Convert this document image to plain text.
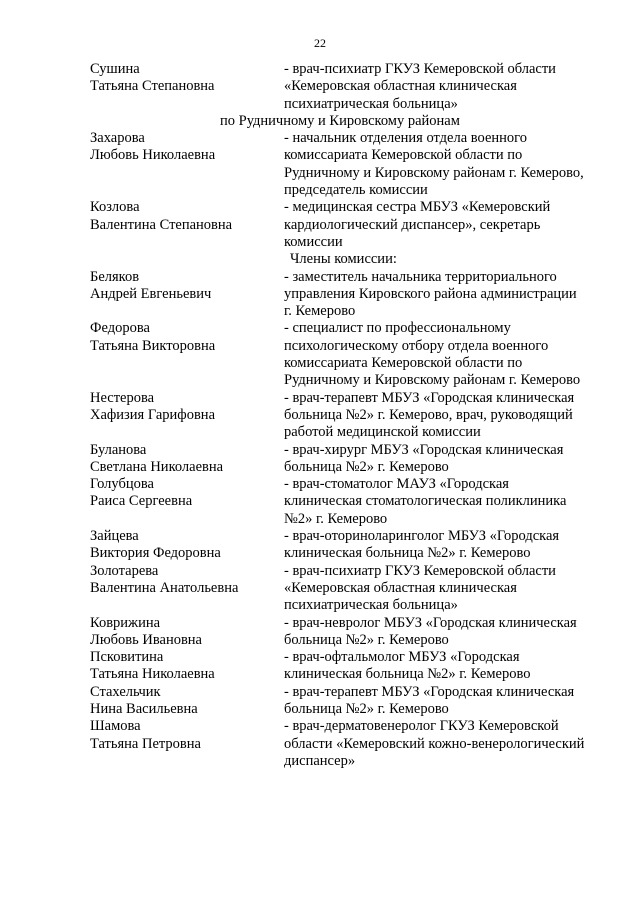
22
Сушина
Татьяна Степановна
- врач-психиатр ГКУЗ Кемеровской области
«Кемеровская областная клиническая
психиатрическая больница»
по Рудничному и Кировскому районам
Захарова
Любовь Николаевна
- начальник отделения отдела военного
комиссариата Кемеровской области по
Рудничному и Кировскому районам г. Кемерово,
председатель комиссии
Козлова
Валентина Степановна
- медицинская сестра МБУЗ «Кемеровский
кардиологический диспансер», секретарь
комиссии
Члены комиссии:
Беляков
Андрей Евгеньевич
- заместитель начальника территориального
управления Кировского района администрации
г. Кемерово
Федорова
Татьяна Викторовна
- специалист по профессиональному
психологическому отбору отдела военного
комиссариата Кемеровской области по
Рудничному и Кировскому районам г. Кемерово
Нестерова
Хафизия Гарифовна
- врач-терапевт МБУЗ «Городская клиническая
больница №2» г. Кемерово, врач, руководящий
работой медицинской комиссии
Буланова
Светлана Николаевна
- врач-хирург МБУЗ «Городская клиническая
больница №2» г. Кемерово
Голубцова
Раиса Сергеевна
- врач-стоматолог МАУЗ «Городская
клиническая стоматологическая поликлиника
№2» г. Кемерово
Зайцева
Виктория Федоровна
- врач-оториноларинголог МБУЗ «Городская
клиническая больница №2» г. Кемерово
Золотарева
Валентина Анатольевна
- врач-психиатр ГКУЗ Кемеровской области
«Кемеровская областная клиническая
психиатрическая больница»
Коврижина
Любовь Ивановна
- врач-невролог МБУЗ «Городская клиническая
больница №2» г. Кемерово
Псковитина
Татьяна Николаевна
- врач-офтальмолог МБУЗ «Городская
клиническая больница №2» г. Кемерово
Стахельчик
Нина Васильевна
- врач-терапевт МБУЗ «Городская клиническая
больница №2» г. Кемерово
Шамова
Татьяна Петровна
- врач-дерматовенеролог ГКУЗ Кемеровской
области «Кемеровский кожно-венерологический
диспансер»
